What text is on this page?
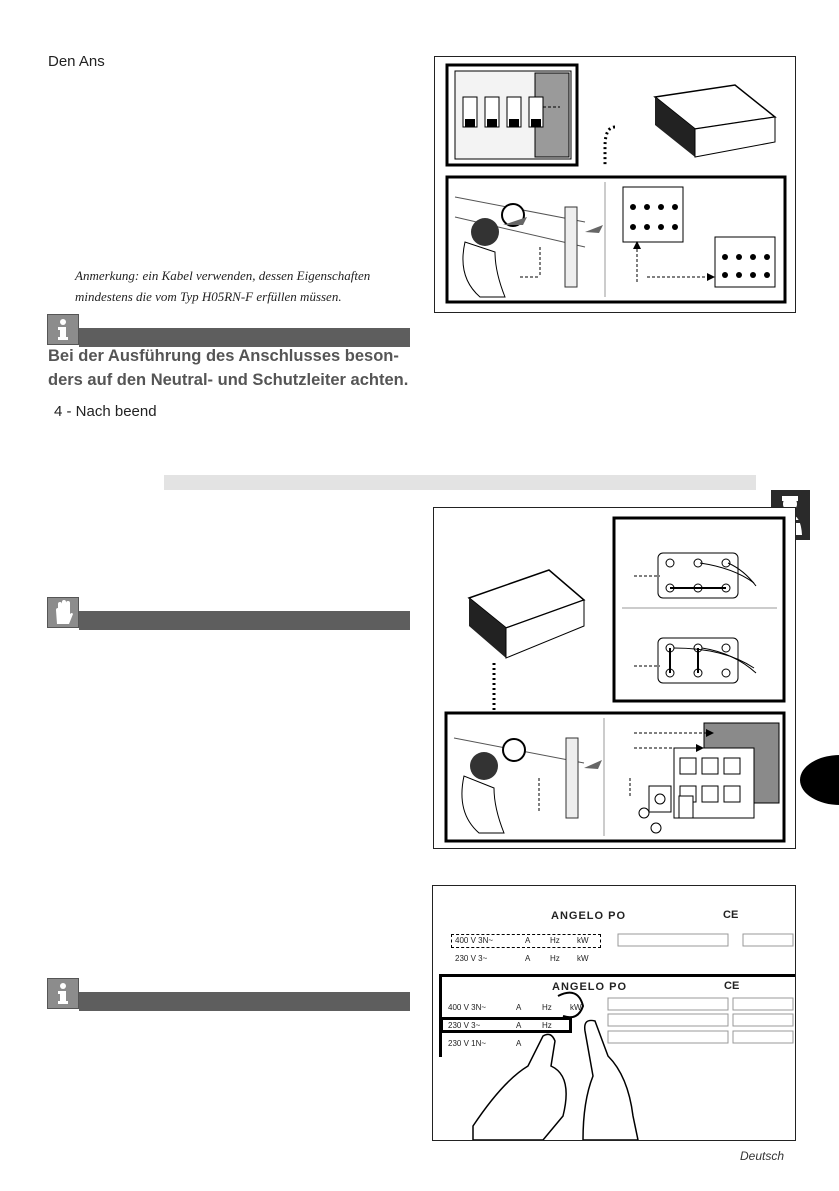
Den Ans
Anmerkung: ein Kabel verwenden, dessen Eigenschaften
mindestens die vom Typ H05RN-F erfüllen müssen.
Bei der Ausführung des Anschlusses beson-
ders auf den Neutral- und Schutzleiter achten.
4 - Nach beend
ANGELO PO	CE
400 V 3N~	A Hz kW
230 V 3~	A Hz kW
ANGELO PO	CE
400 V 3N~	A	Hz kW
230 V 3~	A	Hz
230 V 1N~	A
Deutsch
